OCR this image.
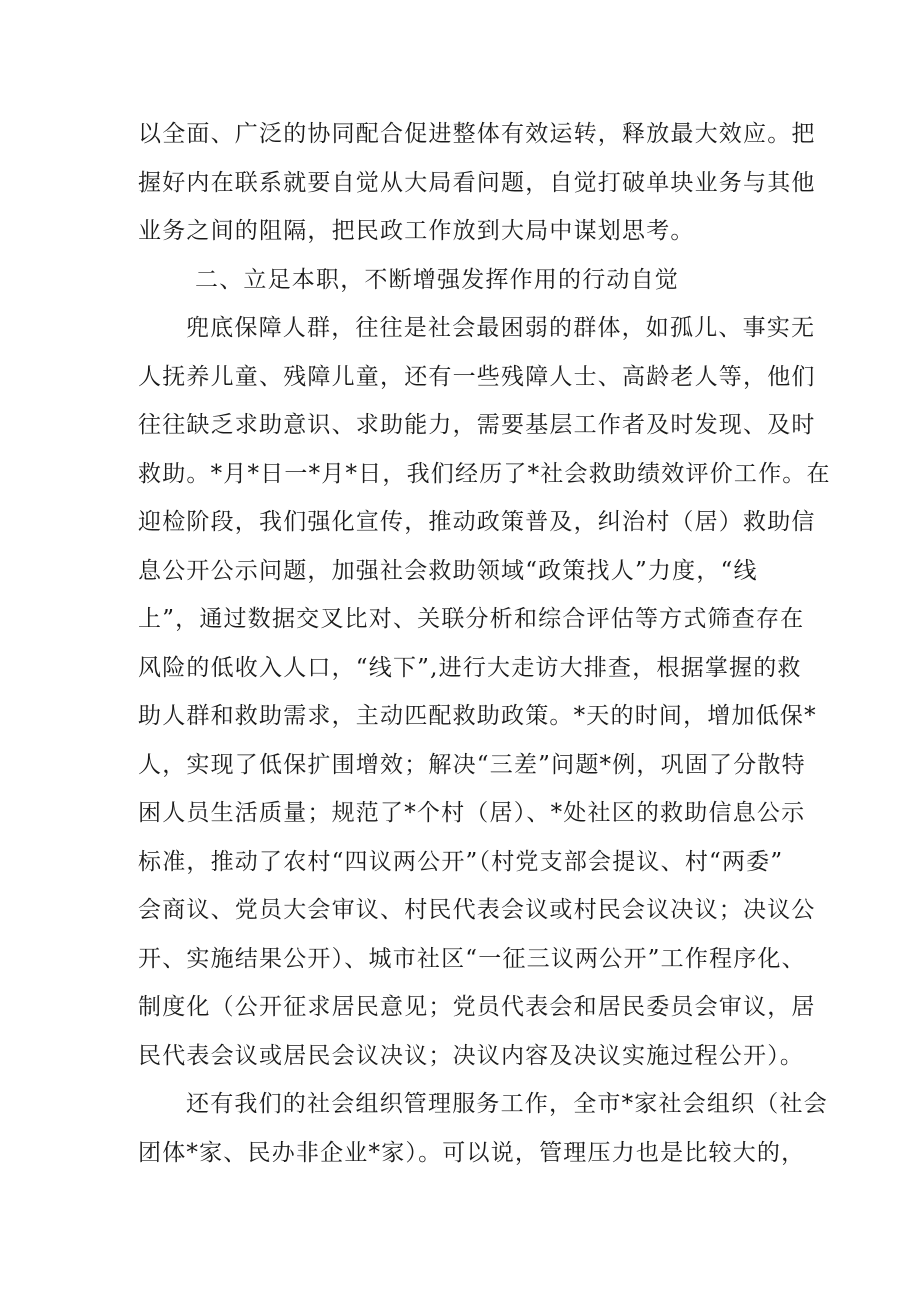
以全面、广泛的协同配合促进整体有效运转，释放最大效应。把
握好内在联系就要自觉从大局看问题，自觉打破单块业务与其他
业务之间的阻隔，把民政工作放到大局中谋划思考。
二、立足本职，不断增强发挥作用的行动自觉
兜底保障人群，往往是社会最困弱的群体，如孤儿、事实无
人抚养儿童、残障儿童，还有一些残障人士、高龄老人等，他们
往往缺乏求助意识、求助能力，需要基层工作者及时发现、及时
救助。*月*日一*月*日，我们经历了*社会救助绩效评价工作。在
迎检阶段，我们强化宣传，推动政策普及，纠治村（居）救助信
息公开公示问题，加强社会救助领域“政策找人”力度，“线
上”，通过数据交叉比对、关联分析和综合评估等方式筛查存在
风险的低收入人口，“线下”,进行大走访大排查，根据掌握的救
助人群和救助需求，主动匹配救助政策。*天的时间，增加低保*
人，实现了低保扩围增效；解决“三差”问题*例，巩固了分散特
困人员生活质量；规范了*个村（居）、*处社区的救助信息公示
标准，推动了农村“四议两公开”（村党支部会提议、村“两委”
会商议、党员大会审议、村民代表会议或村民会议决议；决议公
开、实施结果公开）、城市社区“一征三议两公开”工作程序化、
制度化（公开征求居民意见；党员代表会和居民委员会审议，居
民代表会议或居民会议决议；决议内容及决议实施过程公开）。
还有我们的社会组织管理服务工作，全市*家社会组织（社会
团体*家、民办非企业*家）。可以说，管理压力也是比较大的，
